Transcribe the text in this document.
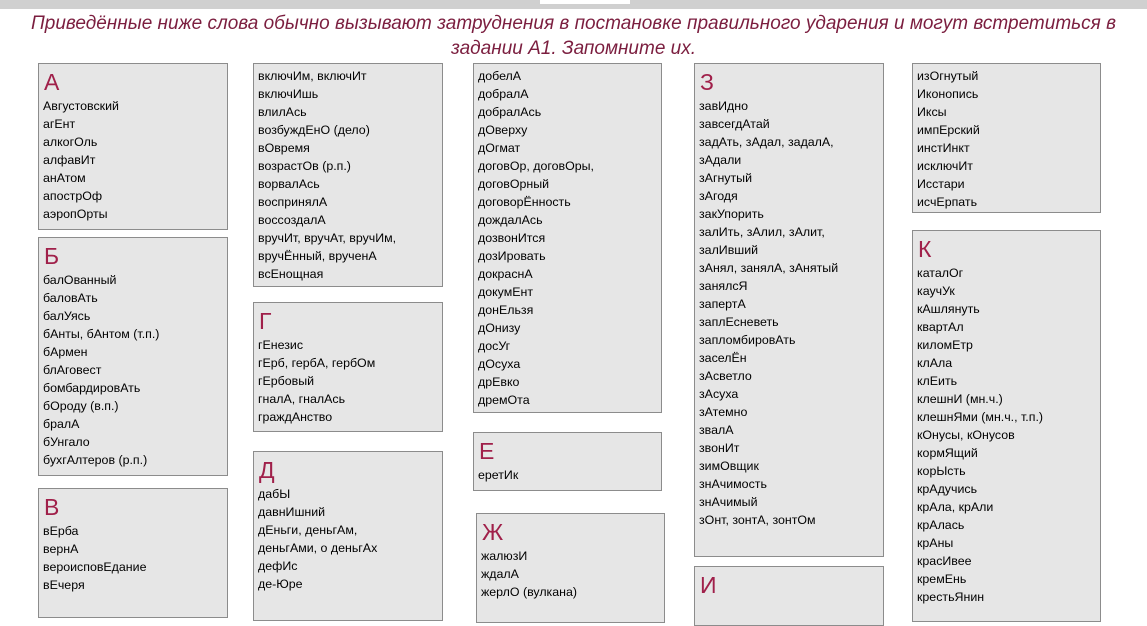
Приведённые ниже слова обычно вызывают затруднения в постановке правильного ударения и могут встретиться в
задании А1. Запомните их.
А
Августовский
агЕнт
алкогОль
алфавИт
анАтом
апострОф
аэропОрты
Б
балОванный
баловАть
балУясь
бАнты, бАнтом (т.п.)
бАрмен
блАговест
бомбардировАть
бОроду (в.п.)
бралА
бУнгало
бухгАлтеров (р.п.)
В
вЕрба
вернА
вероисповЕдание
вЕчеря
включИм, включИт
включИшь
влилАсь
возбуждЕнО (дело)
вОвремя
возрастОв (р.п.)
ворвалАсь
воспринялА
воссоздалА
вручИт, вручАт, вручИм,
вручЁнный, врученА
всЕнощная
Г
гЕнезис
гЕрб, гербА, гербОм
гЕрбовый
гналА, гналАсь
граждАнство
Д
дабЫ
давнИшний
дЕньги, деньгАм,
деньгАми, о деньгАх
дефИс
де-Юре
добелА
добралА
добралАсь
дОверху
дОгмат
договОр, договОры,
договОрный
договорЁнность
дождалАсь
дозвонИтся
дозИровать
докраснА
докумЕнт
донЕльзя
дОнизу
досУг
дОсуха
дрЕвко
дремОта
Е
еретИк
Ж
жалюзИ
ждалА
жерлО (вулкана)
З
завИдно
завсегдАтай
задАть, зАдал, задалА,
зАдали
зАгнутый
зАгодя
закУпорить
залИть, зАлил, зАлит,
залИвший
зАнял, занялА, зАнятый
занялсЯ
запертА
заплЕсневеть
запломбировАть
заселЁн
зАсветло
зАсуха
зАтемно
звалА
звонИт
зимОвщик
знАчимость
знАчимый
зОнт, зонтА, зонтОм
И
изОгнутый
Иконопись
Иксы
импЕрский
инстИнкт
исключИт
Исстари
исчЕрпать
К
каталОг
каучУк
кАшлянуть
квартАл
киломЕтр
клАла
клЕить
клешнИ (мн.ч.)
клешнЯми (мн.ч., т.п.)
кОнусы, кОнусов
кормЯщий
корЫсть
крАдучись
крАла, крАли
крАлась
крАны
красИвее
кремЕнь
крестьЯнин
